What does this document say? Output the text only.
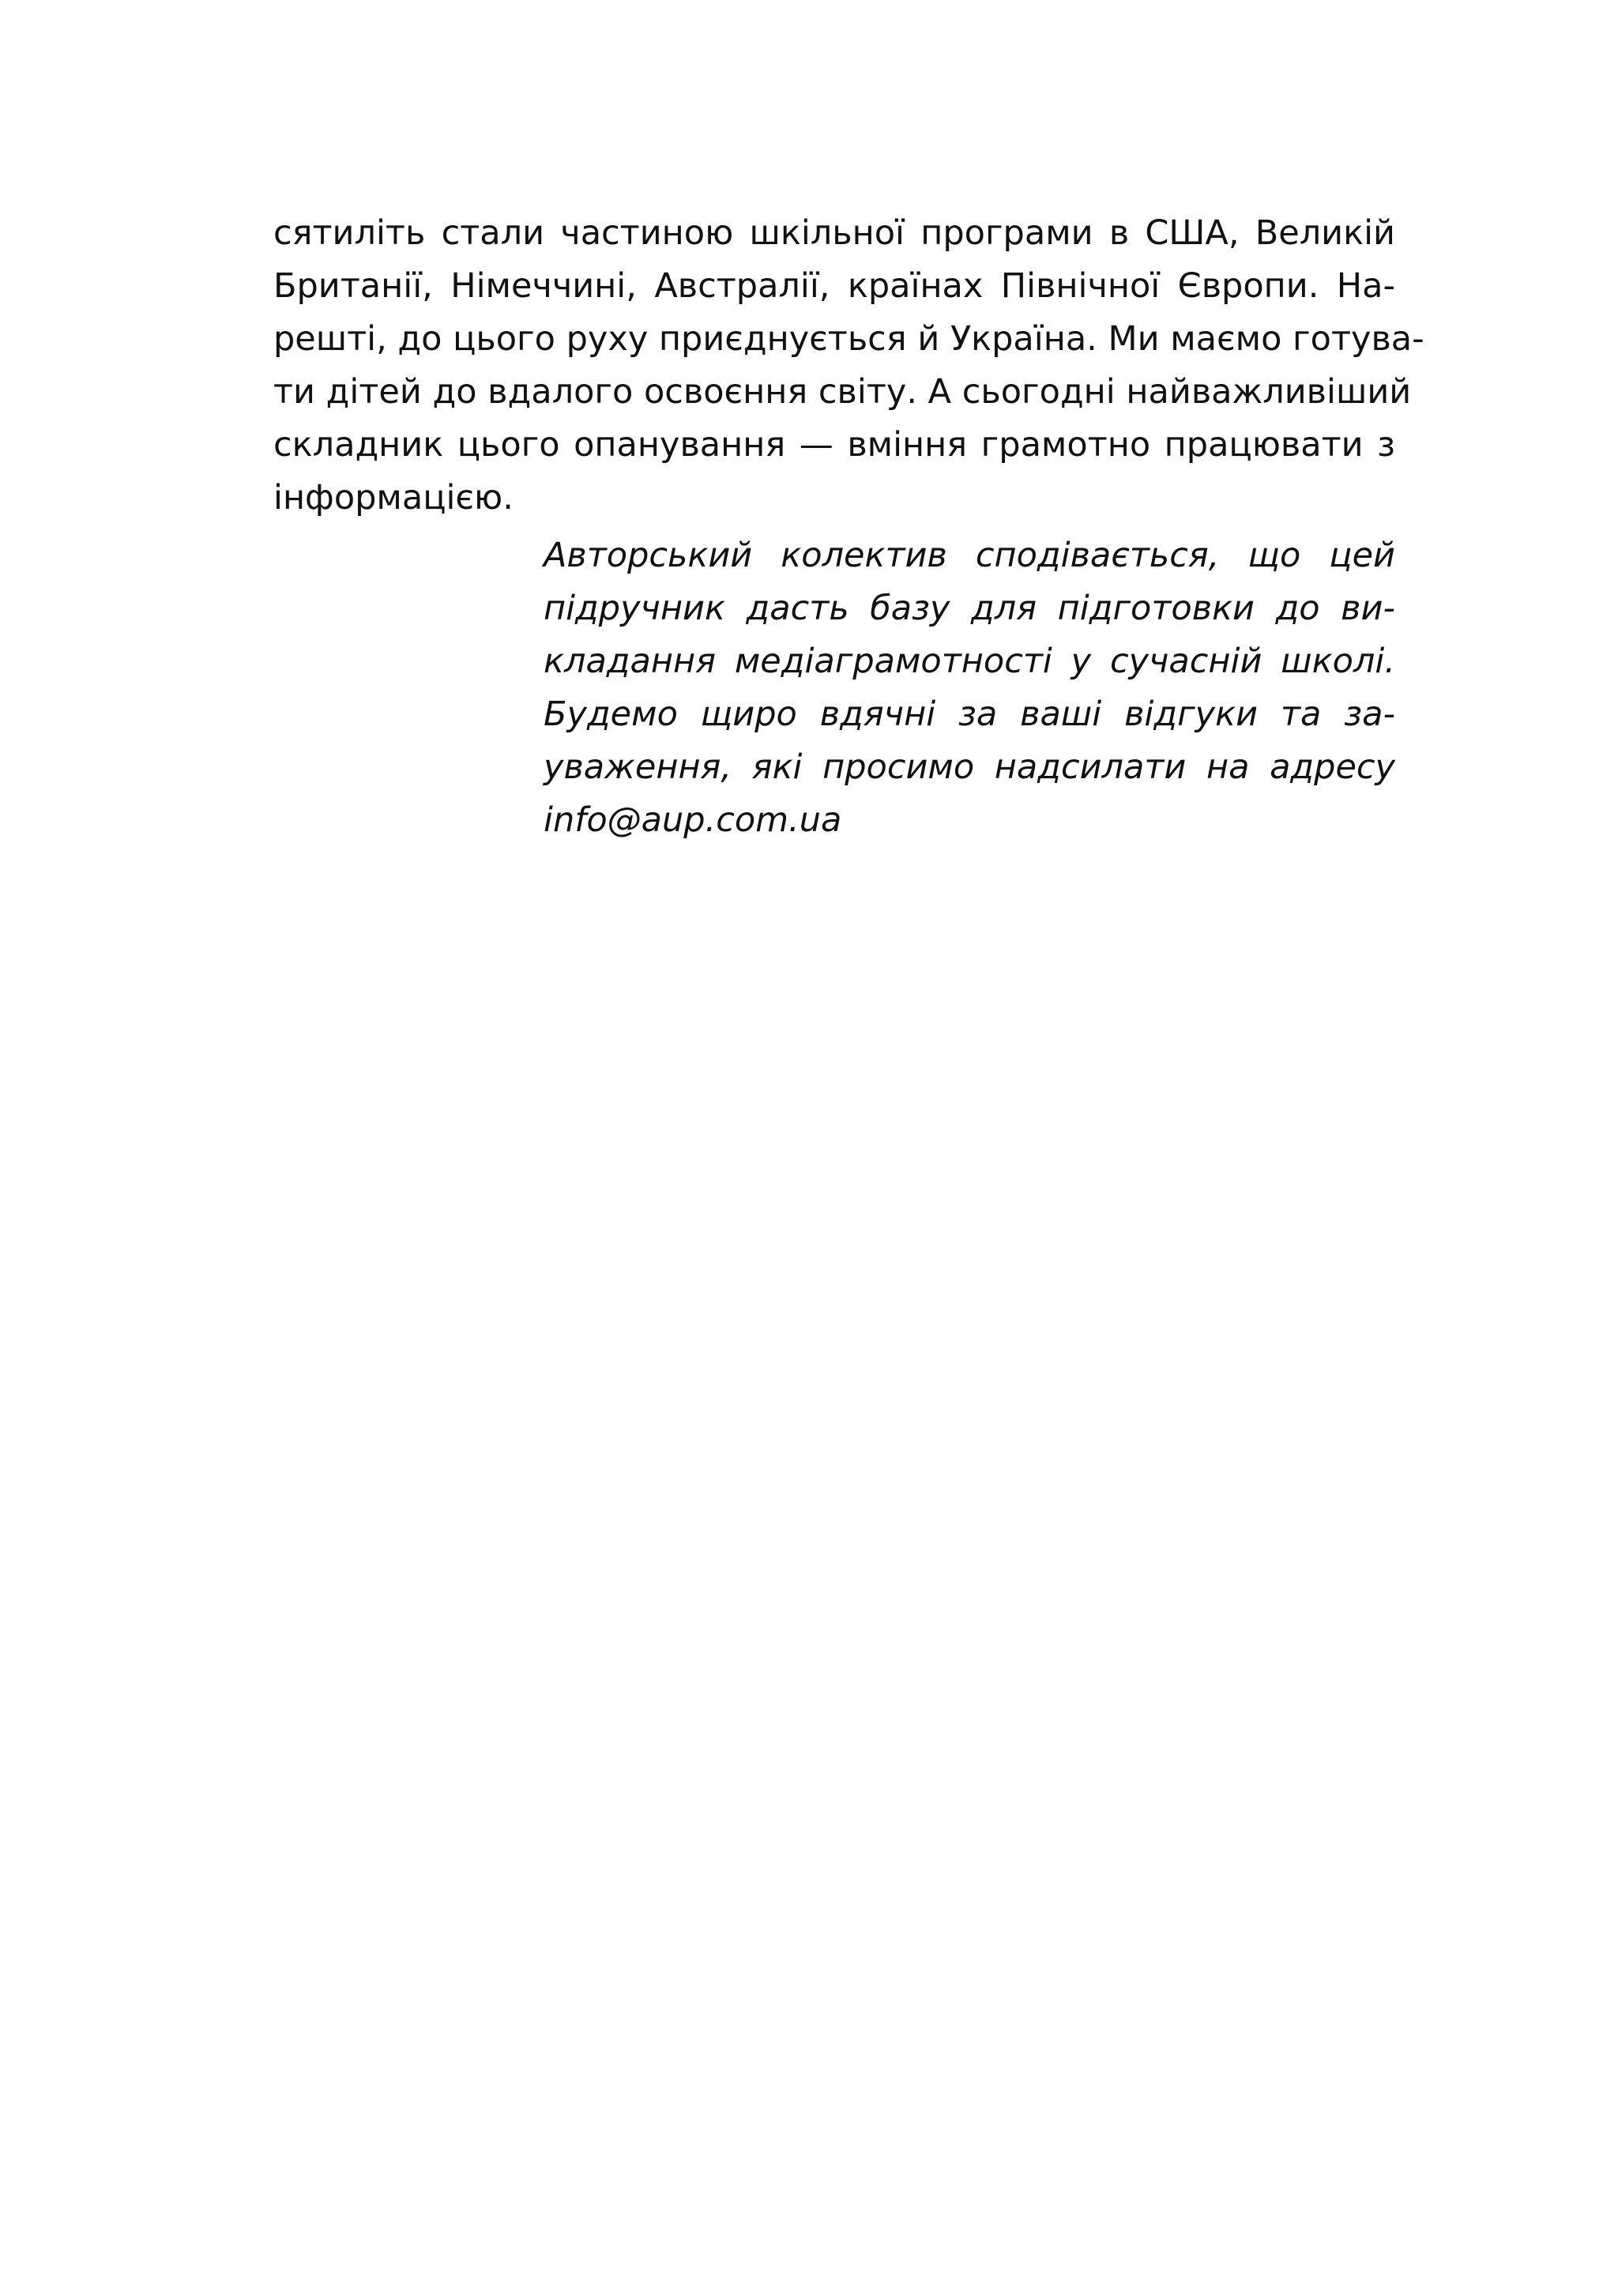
сятиліть стали частиною шкільної програми в США, Великій
Британії, Німеччині, Австралії, країнах Північної Європи. На-
решті, до цього руху приєднується й Україна. Ми маємо готува-
ти дітей до вдалого освоєння світу. А сьогодні найважливіший
складник цього опанування — вміння грамотно працювати з
інформацією.
Авторський колектив сподівається, що цей
підручник дасть базу для підготовки до ви-
кладання медіаграмотності у сучасній школі.
Будемо щиро вдячні за ваші відгуки та за-
уваження, які просимо надсилати на адресу
info@aup.com.ua
